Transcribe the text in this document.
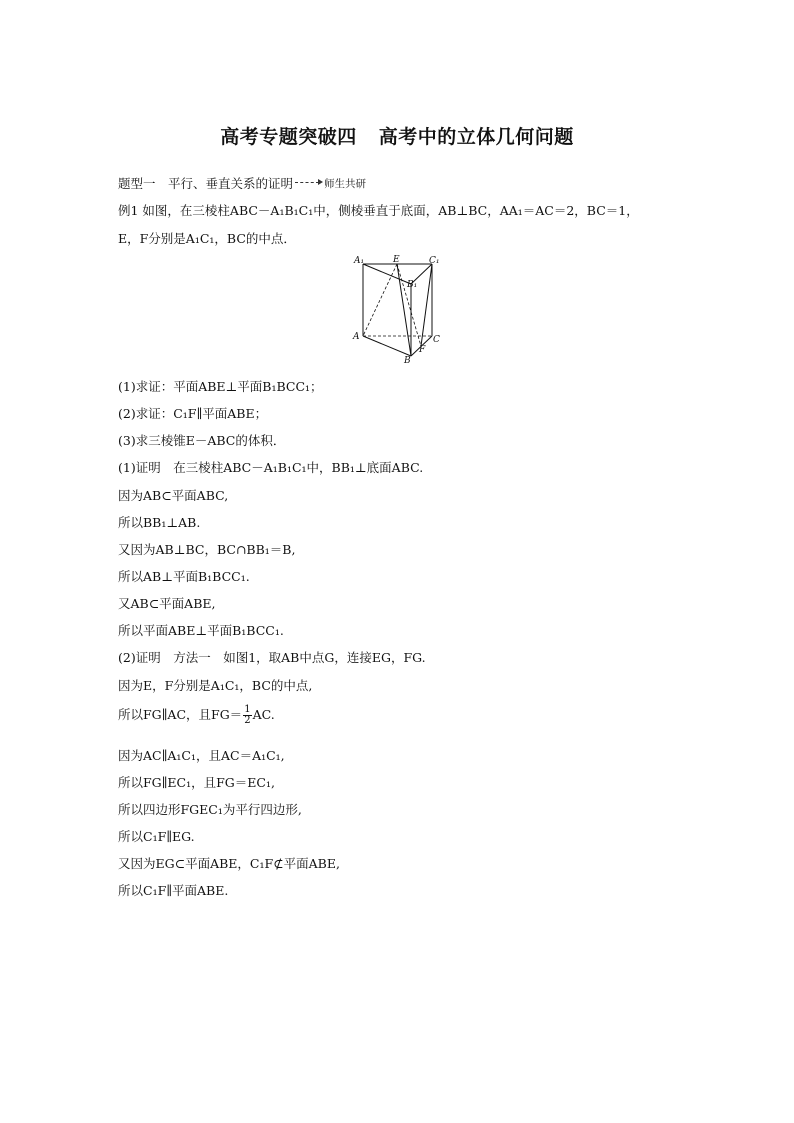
高考专题突破四 高考中的立体几何问题
题型一　平行、垂直关系的证明	师生共研
例1 如图，在三棱柱ABC－A₁B₁C₁中，侧棱垂直于底面，AB⊥BC，AA₁＝AC＝2，BC＝1，
E，F分别是A₁C₁，BC的中点．
A₁	E	C₁
B₁
A	C
F
B
(1)求证：平面ABE⊥平面B₁BCC₁；
(2)求证：C₁F∥平面ABE；
(3)求三棱锥E－ABC的体积．
(1)证明　在三棱柱ABC－A₁B₁C₁中，BB₁⊥底面ABC.
因为AB⊂平面ABC,
所以BB₁⊥AB.
又因为AB⊥BC，BC∩BB₁＝B,
所以AB⊥平面B₁BCC₁.
又AB⊂平面ABE,
所以平面ABE⊥平面B₁BCC₁.
(2)证明　方法一　如图1，取AB中点G，连接EG，FG.
因为E，F分别是A₁C₁，BC的中点,
所以FG∥AC，且$FG= \frac{1}{2}$ AC.
因为AC∥A₁C₁，且AC＝A₁C₁,
所以FG∥EC₁，且FG＝EC₁,
所以四边形FGEC₁为平行四边形,
所以C₁F∥EG.
又因为EG⊂平面ABE，C₁F⊄平面ABE,
所以C₁F∥平面ABE.
